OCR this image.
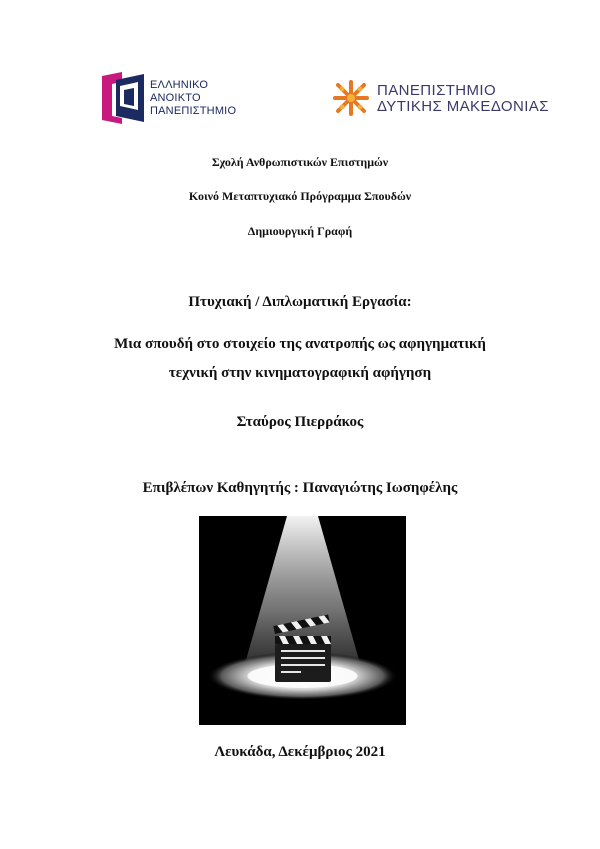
ΕΛΛΗΝΙΚΟ
ΑΝΟΙΚΤΟ
ΠΑΝΕΠΙΣΤΗΜΙΟ
ΠΑΝΕΠΙΣΤΗΜΙΟ
ΔΥΤΙΚΗΣ ΜΑΚΕΔΟΝΙΑΣ
Σχολή Ανθρωπιστικών Επιστημών
Κοινό Μεταπτυχιακό Πρόγραμμα Σπουδών
Δημιουργική Γραφή
Πτυχιακή / Διπλωματική Εργασία:
Μια σπουδή στο στοιχείο της ανατροπής ως αφηγηματική
τεχνική στην κινηματογραφική αφήγηση
Σταύρος Πιερράκος
Επιβλέπων Καθηγητής : Παναγιώτης Ιωσηφέλης
Λευκάδα, Δεκέμβριος 2021
